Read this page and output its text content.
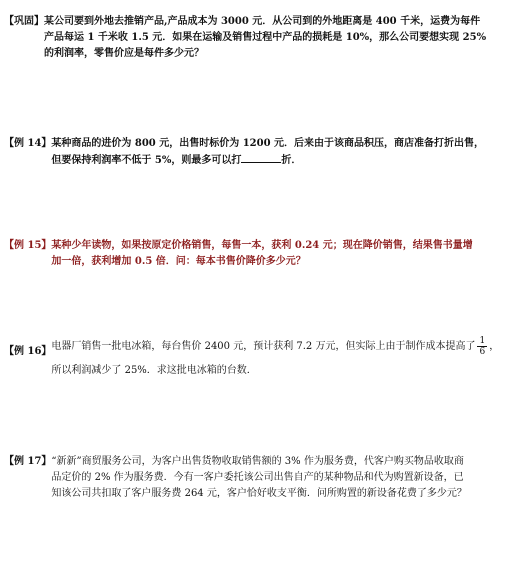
【巩固】 某公司要到外地去推销产品,产品成本为 3000 元．从公司到的外地距离是 400 千米，运费为每件
产品每运 1 千米收 1.5 元．如果在运输及销售过程中产品的损耗是 10%，那么公司要想实现 25%
的利润率，零售价应是每件多少元？
【例 14】 某种商品的进价为 800 元，出售时标价为 1200 元．后来由于该商品积压，商店准备打折出售，
但要保持利润率不低于 5%，则最多可以打	折．
【例 15】 某种少年读物，如果按原定价格销售，每售一本，获利 0.24 元；现在降价销售，结果售书量增
加一倍，获利增加 0.5 倍．问：每本书售价降价多少元？
【例 16】 电器厂销售一批电冰箱，每台售价 2400 元，预计获利 7.2 万元，但实际上由于制作成本提高了 $\frac{1}{6}$ ，
所以利润减少了 25%．求这批电冰箱的台数．
【例 17】 “新新”商贸服务公司，为客户出售货物收取销售额的 3% 作为服务费，代客户购买物品收取商
品定价的 2% 作为服务费．今有一客户委托该公司出售自产的某种物品和代为购置新设备，已
知该公司共扣取了客户服务费 264 元，客户恰好收支平衡．问所购置的新设备花费了多少元？
